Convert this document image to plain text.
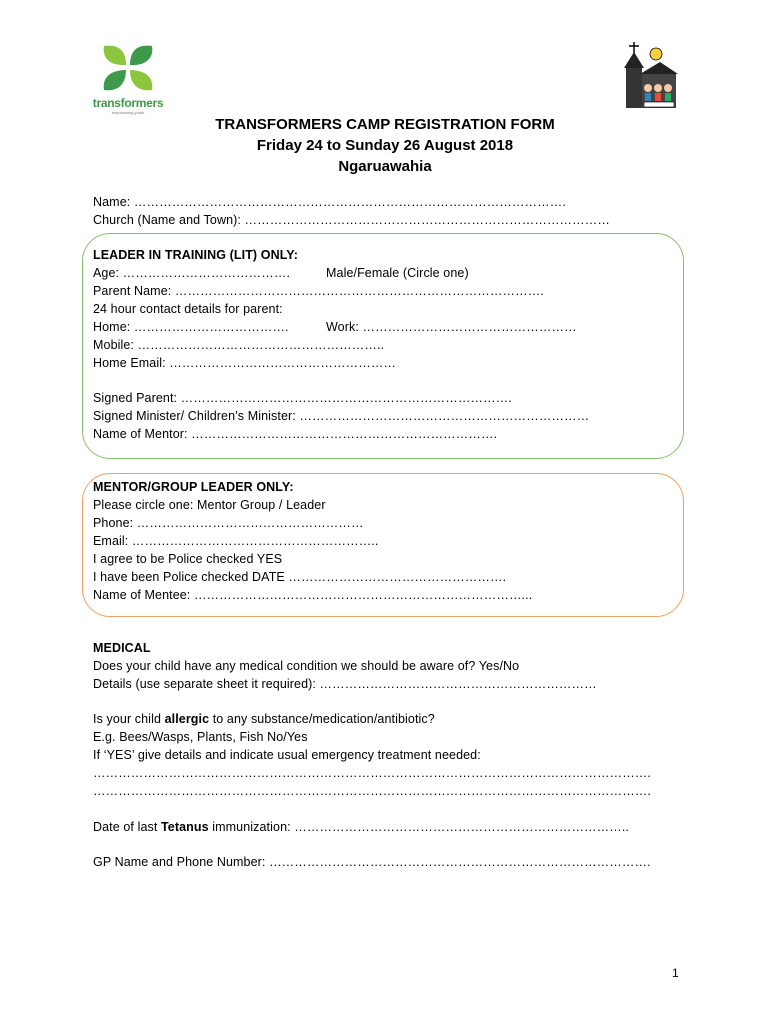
transformers
empowering youth
TRANSFORMERS CAMP REGISTRATION FORM
Friday 24 to Sunday 26 August 2018
Ngaruawahia
Name: ………………………………………………………………………………………….
Church (Name and Town): ……………………………………………………………………………
LEADER IN TRAINING (LIT) ONLY:
Age: ………………………………….	Male/Female (Circle one)
Parent Name: …………………………………………………………………………….
24 hour contact details for parent:
Home: ……………………………….	Work: ……………………………………………
Mobile: …………………………………………………..
Home Email: ………………………………………………
Signed Parent: …………………………………………………………………….
Signed Minister/ Children’s Minister: ……………………………………………………………
Name of Mentor: ……………………………………………………………….
MENTOR/GROUP LEADER ONLY:
Please circle one: Mentor Group / Leader
Phone: ………………………………………………
Email: …………………………………………………..
I agree to be Police checked YES
I have been Police checked DATE …………………………………………….
Name of Mentee: ……………………………………………………………………...
MEDICAL
Does your child have any medical condition we should be aware of? Yes/No
Details (use separate sheet it required): …………………………………………………………
Is your child allergic to any substance/medication/antibiotic?
E.g. Bees/Wasps, Plants, Fish No/Yes
If ‘YES’ give details and indicate usual emergency treatment needed:
…………………………………………………………………………………………………………………….
…………………………………………………………………………………………………………………….
Date of last Tetanus immunization: ……………………………………………………………………..
GP Name and Phone Number: ……………………………………………………………………………….
1
